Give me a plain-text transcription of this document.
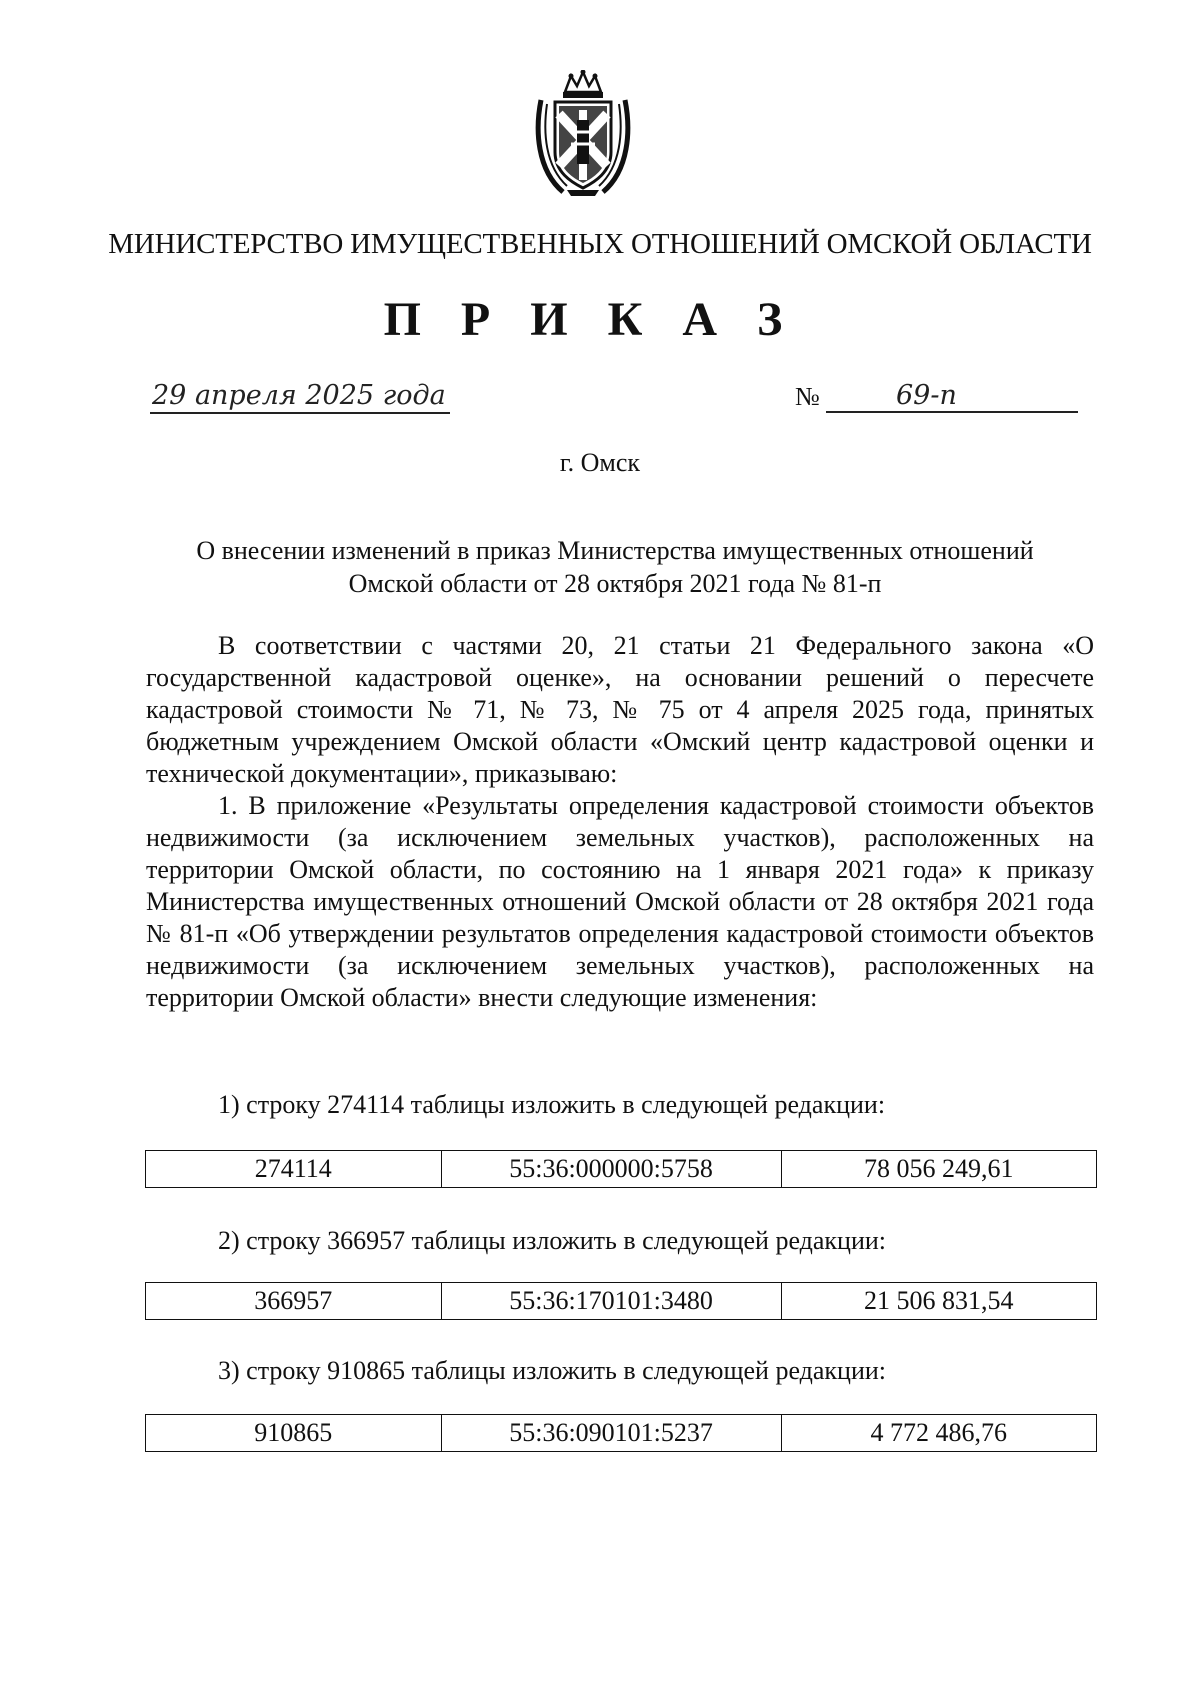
МИНИСТЕРСТВО ИМУЩЕСТВЕННЫХ ОТНОШЕНИЙ ОМСКОЙ ОБЛАСТИ
П Р И К А З
29 апреля 2025 года	№	69-п
г. Омск
О внесении изменений в приказ Министерства имущественных отношений
Омской области от 28 октября 2021 года № 81-п

В соответствии с частями 20, 21 статьи 21 Федерального закона «О государственной кадастровой оценке», на основании решений о пересчете кадастровой стоимости № 71, № 73, № 75 от 4 апреля 2025 года, принятых бюджетным учреждением Омской области «Омский центр кадастровой оценки и технической документации», приказываю:

1. В приложение «Результаты определения кадастровой стоимости объектов недвижимости (за исключением земельных участков), расположенных на территории Омской области, по состоянию на 1 января 2021 года» к приказу Министерства имущественных отношений Омской области от 28 октября 2021 года № 81-п «Об утверждении результатов определения кадастровой стоимости объектов недвижимости (за исключением земельных участков), расположенных на территории Омской области» внести следующие изменения:

1) строку 274114 таблицы изложить в следующей редакции:
274114	55:36:000000:5758	78 056 249,61
2) строку 366957 таблицы изложить в следующей редакции:
366957	55:36:170101:3480	21 506 831,54
3) строку 910865 таблицы изложить в следующей редакции:
910865	55:36:090101:5237	4 772 486,76
